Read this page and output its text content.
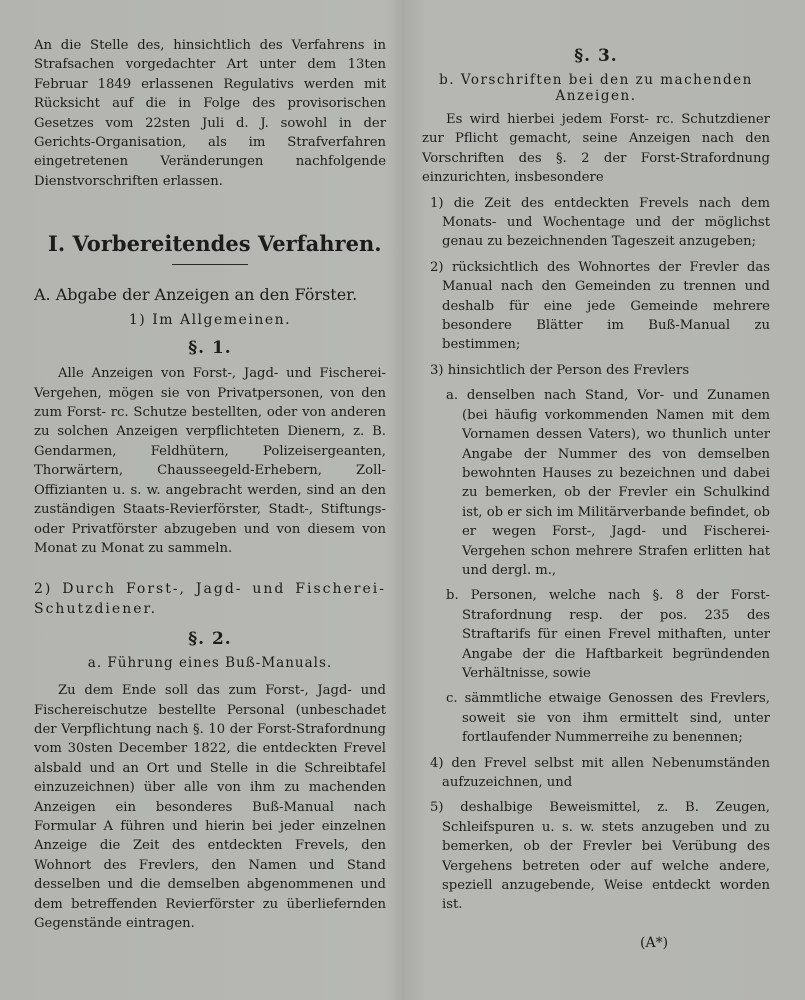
An die Stelle des, hinsichtlich des Verfahrens in Strafsachen vorgedachter Art unter dem 13ten Februar 1849 erlassenen Regulativs werden mit Rücksicht auf die in Folge des provisorischen Gesetzes vom 22sten Juli d. J. sowohl in der Gerichts-Organisation, als im Strafverfahren eingetretenen Veränderungen nachfolgende Dienstvorschriften erlassen.

I. Vorbereitendes Verfahren.
A. Abgabe der Anzeigen an den Förster.
1) Im Allgemeinen.
§. 1.

Alle Anzeigen von Forst-, Jagd- und Fischerei-Vergehen, mögen sie von Privatpersonen, von den zum Forst- rc. Schutze bestellten, oder von anderen zu solchen Anzeigen verpflichteten Dienern, z. B. Gendarmen, Feldhütern, Polizeisergeanten, Thorwärtern, Chausseegeld-Erhebern, Zoll-Offizianten u. s. w. angebracht werden, sind an den zuständigen Staats-Revierförster, Stadt-, Stiftungs- oder Privatförster abzugeben und von diesem von Monat zu Monat zu sammeln.

2) Durch Forst-, Jagd- und Fischerei-Schutzdiener.

§. 2.
a. Führung eines Buß-Manuals.

Zu dem Ende soll das zum Forst-, Jagd- und Fischereischutze bestellte Personal (unbeschadet der Verpflichtung nach §. 10 der Forst-Strafordnung vom 30sten December 1822, die entdeckten Frevel alsbald und an Ort und Stelle in die Schreibtafel einzuzeichnen) über alle von ihm zu machenden Anzeigen ein besonderes Buß-Manual nach Formular A führen und hierin bei jeder einzelnen Anzeige die Zeit des entdeckten Frevels, den Wohnort des Frevlers, den Namen und Stand desselben und die demselben abgenommenen und dem betreffenden Revierförster zu überliefernden Gegenstände eintragen.

§. 3.
b. Vorschriften bei den zu machenden Anzeigen.

Es wird hierbei jedem Forst- rc. Schutzdiener zur Pflicht gemacht, seine Anzeigen nach den Vorschriften des §. 2 der Forst-Strafordnung einzurichten, insbesondere

1) die Zeit des entdeckten Frevels nach dem Monats- und Wochentage und der möglichst genau zu bezeichnenden Tageszeit anzugeben;

2) rücksichtlich des Wohnortes der Frevler das Manual nach den Gemeinden zu trennen und deshalb für eine jede Gemeinde mehrere besondere Blätter im Buß-Manual zu bestimmen;

3) hinsichtlich der Person des Frevlers

a. denselben nach Stand, Vor- und Zunamen (bei häufig vorkommenden Namen mit dem Vornamen dessen Vaters), wo thunlich unter Angabe der Nummer des von demselben bewohnten Hauses zu bezeichnen und dabei zu bemerken, ob der Frevler ein Schulkind ist, ob er sich im Militärverbande befindet, ob er wegen Forst-, Jagd- und Fischerei-Vergehen schon mehrere Strafen erlitten hat und dergl. m.,

b. Personen, welche nach §. 8 der Forst-Strafordnung resp. der pos. 235 des Straftarifs für einen Frevel mithaften, unter Angabe der die Haftbarkeit begründenden Verhältnisse, sowie

c. sämmtliche etwaige Genossen des Frevlers, soweit sie von ihm ermittelt sind, unter fortlaufender Nummerreihe zu benennen;

4) den Frevel selbst mit allen Nebenumständen aufzuzeichnen, und

5) deshalbige Beweismittel, z. B. Zeugen, Schleifspuren u. s. w. stets anzugeben und zu bemerken, ob der Frevler bei Verübung des Vergehens betreten oder auf welche andere, speziell anzugebende, Weise entdeckt worden ist.

(A*)
